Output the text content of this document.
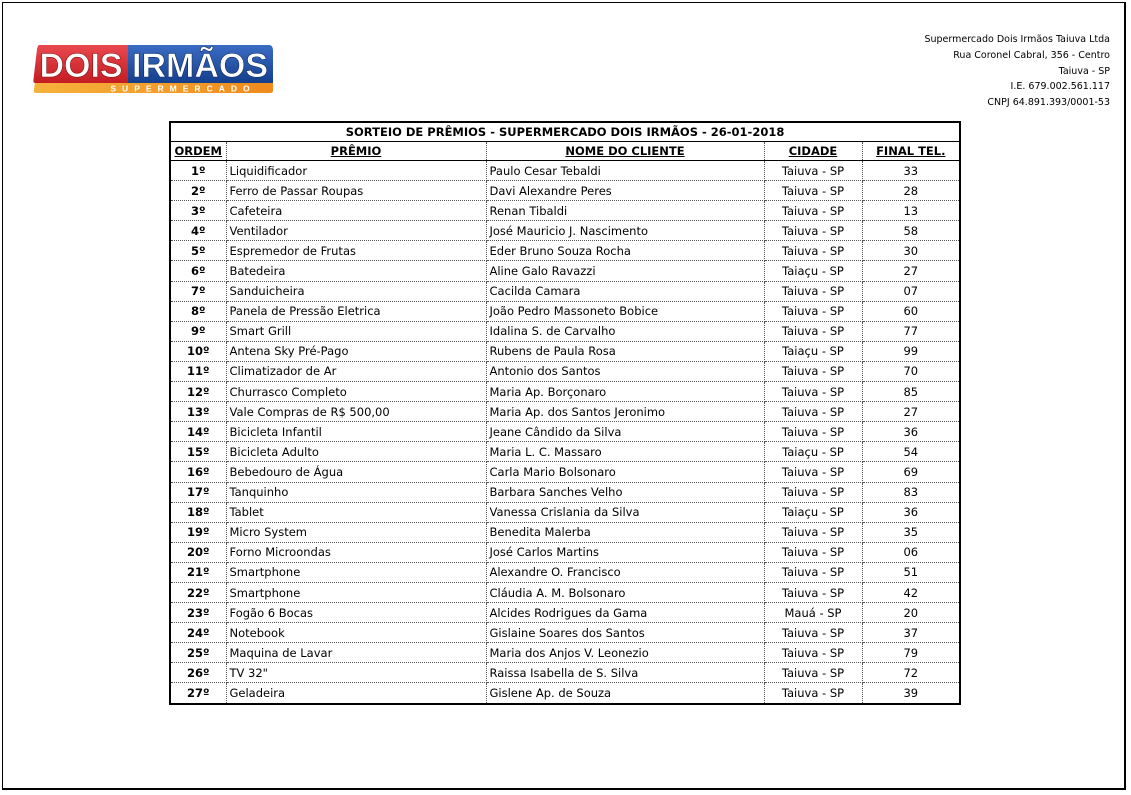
DOIS IRMÃOS
SUPERMERCADO
Supermercado Dois Irmãos Taiuva Ltda
Rua Coronel Cabral, 356 - Centro
Taiuva - SP
I.E. 679.002.561.117
CNPJ 64.891.393/0001-53
SORTEIO DE PRÊMIOS - SUPERMERCADO DOIS IRMÃOS - 26-01-2018				
ORDEM	PRÊMIO	NOME DO CLIENTE	CIDADE	FINAL TEL.
1º	Liquidificador	Paulo Cesar Tebaldi	Taiuva - SP	33
2º	Ferro de Passar Roupas	Davi Alexandre Peres	Taiuva - SP	28
3º	Cafeteira	Renan Tibaldi	Taiuva - SP	13
4º	Ventilador	José Mauricio J. Nascimento	Taiuva - SP	58
5º	Espremedor de Frutas	Eder Bruno Souza Rocha	Taiuva - SP	30
6º	Batedeira	Aline Galo Ravazzi	Taiaçu - SP	27
7º	Sanduicheira	Cacilda Camara	Taiuva - SP	07
8º	Panela de Pressão Eletrica	João Pedro Massoneto Bobice	Taiuva - SP	60
9º	Smart Grill	Idalina S. de Carvalho	Taiuva - SP	77
10º	Antena Sky Pré-Pago	Rubens de Paula Rosa	Taiaçu - SP	99
11º	Climatizador de Ar	Antonio dos Santos	Taiuva - SP	70
12º	Churrasco Completo	Maria Ap. Borçonaro	Taiuva - SP	85
13º	Vale Compras de R$ 500,00	Maria Ap. dos Santos Jeronimo	Taiuva - SP	27
14º	Bicicleta Infantil	Jeane Cândido da Silva	Taiuva - SP	36
15º	Bicicleta Adulto	Maria L. C. Massaro	Taiaçu - SP	54
16º	Bebedouro de Água	Carla Mario Bolsonaro	Taiuva - SP	69
17º	Tanquinho	Barbara Sanches Velho	Taiuva - SP	83
18º	Tablet	Vanessa Crislania da Silva	Taiaçu - SP	36
19º	Micro System	Benedita Malerba	Taiuva - SP	35
20º	Forno Microondas	José Carlos Martins	Taiuva - SP	06
21º	Smartphone	Alexandre O. Francisco	Taiuva - SP	51
22º	Smartphone	Cláudia A. M. Bolsonaro	Taiuva - SP	42
23º	Fogão 6 Bocas	Alcides Rodrigues da Gama	Mauá - SP	20
24º	Notebook	Gislaine Soares dos Santos	Taiuva - SP	37
25º	Maquina de Lavar	Maria dos Anjos V. Leonezio	Taiuva - SP	79
26º	TV 32"	Raissa Isabella de S. Silva	Taiuva - SP	72
27º	Geladeira	Gislene Ap. de Souza	Taiuva - SP	39
